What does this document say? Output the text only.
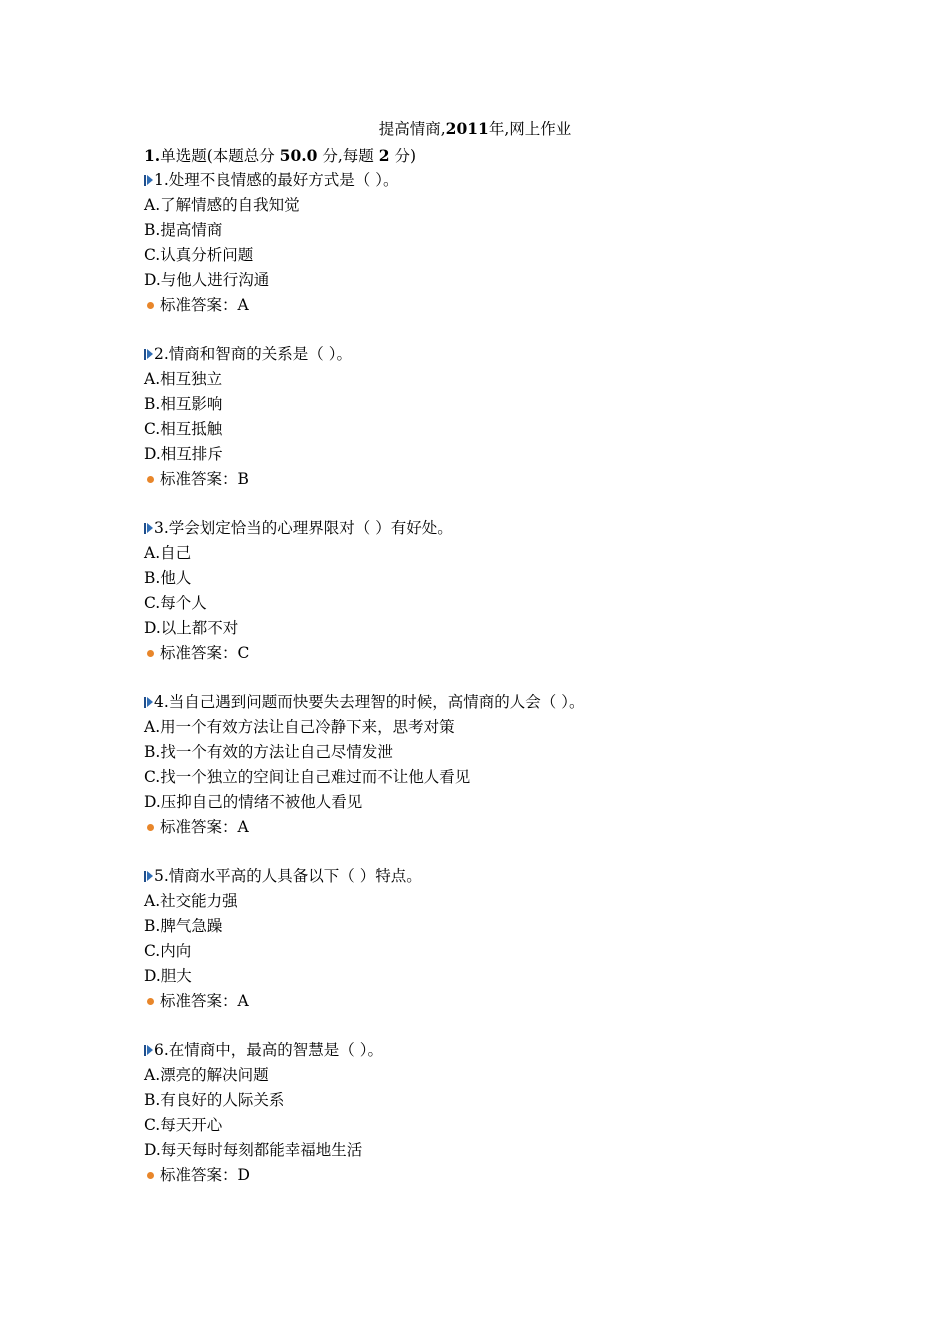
提高情商,2011年,网上作业
1.单选题(本题总分 50.0 分,每题 2 分)
1.处理不良情感的最好方式是（ ）。
A.了解情感的自我知觉
B.提高情商
C.认真分析问题
D.与他人进行沟通
标准答案：A
2.情商和智商的关系是（ ）。
A.相互独立
B.相互影响
C.相互抵触
D.相互排斥
标准答案：B
3.学会划定恰当的心理界限对（ ）有好处。
A.自己
B.他人
C.每个人
D.以上都不对
标准答案：C
4.当自己遇到问题而快要失去理智的时候，高情商的人会（ ）。
A.用一个有效方法让自己冷静下来，思考对策
B.找一个有效的方法让自己尽情发泄
C.找一个独立的空间让自己难过而不让他人看见
D.压抑自己的情绪不被他人看见
标准答案：A
5.情商水平高的人具备以下（ ）特点。
A.社交能力强
B.脾气急躁
C.内向
D.胆大
标准答案：A
6.在情商中，最高的智慧是（ ）。
A.漂亮的解决问题
B.有良好的人际关系
C.每天开心
D.每天每时每刻都能幸福地生活
标准答案：D
